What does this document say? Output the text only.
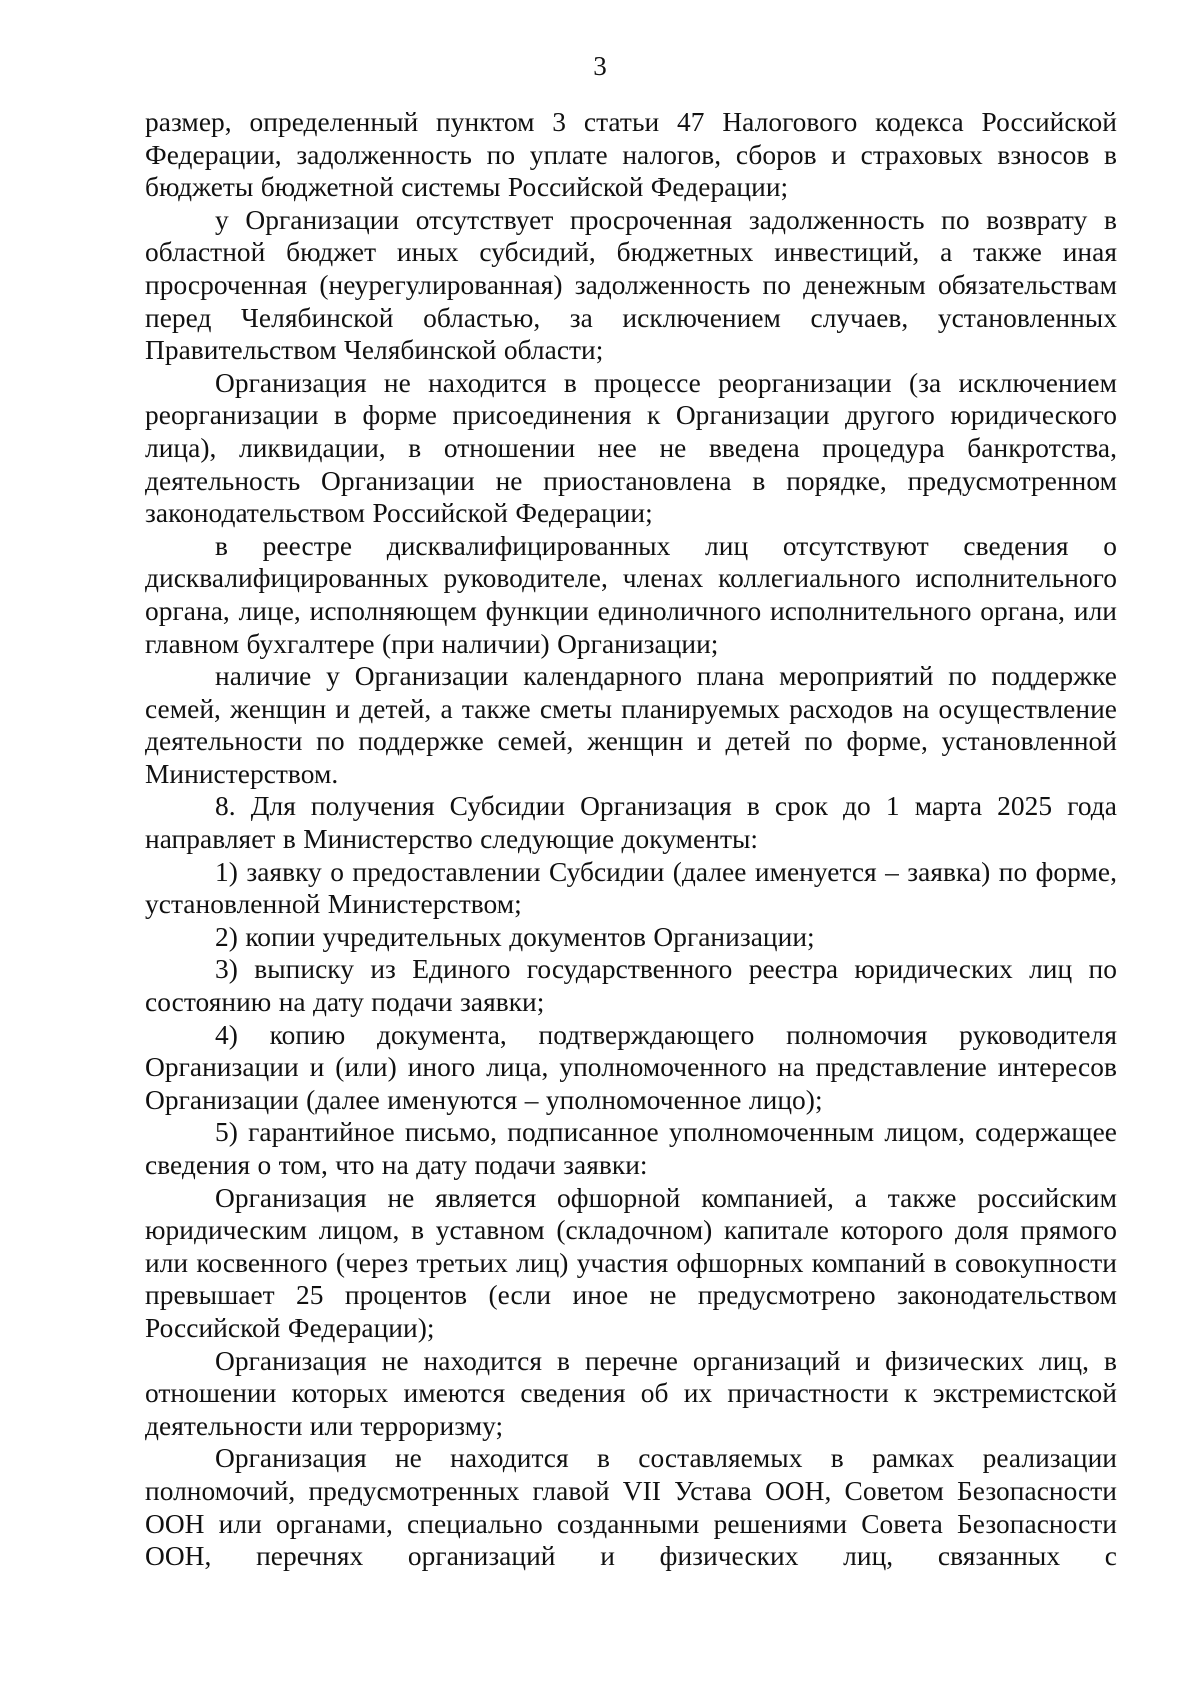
3

размер, определенный пунктом 3 статьи 47 Налогового кодекса Российской Федерации, задолженность по уплате налогов, сборов и страховых взносов в бюджеты бюджетной системы Российской Федерации;

у Организации отсутствует просроченная задолженность по возврату в областной бюджет иных субсидий, бюджетных инвестиций, а также иная просроченная (неурегулированная) задолженность по денежным обязательствам перед Челябинской областью, за исключением случаев, установленных Правительством Челябинской области;

Организация не находится в процессе реорганизации (за исключением реорганизации в форме присоединения к Организации другого юридического лица), ликвидации, в отношении нее не введена процедура банкротства, деятельность Организации не приостановлена в порядке, предусмотренном законодательством Российской Федерации;

в реестре дисквалифицированных лиц отсутствуют сведения о дисквалифицированных руководителе, членах коллегиального исполнительного органа, лице, исполняющем функции единоличного исполнительного органа, или главном бухгалтере (при наличии) Организации;

наличие у Организации календарного плана мероприятий по поддержке семей, женщин и детей, а также сметы планируемых расходов на осуществление деятельности по поддержке семей, женщин и детей по форме, установленной Министерством.

8. Для получения Субсидии Организация в срок до 1 марта 2025 года направляет в Министерство следующие документы:

1) заявку о предоставлении Субсидии (далее именуется – заявка) по форме, установленной Министерством;

2) копии учредительных документов Организации;

3) выписку из Единого государственного реестра юридических лиц по состоянию на дату подачи заявки;

4) копию документа, подтверждающего полномочия руководителя Организации и (или) иного лица, уполномоченного на представление интересов Организации (далее именуются – уполномоченное лицо);

5) гарантийное письмо, подписанное уполномоченным лицом, содержащее сведения о том, что на дату подачи заявки:

Организация не является офшорной компанией, а также российским юридическим лицом, в уставном (складочном) капитале которого доля прямого или косвенного (через третьих лиц) участия офшорных компаний в совокупности превышает 25 процентов (если иное не предусмотрено законодательством Российской Федерации);

Организация не находится в перечне организаций и физических лиц, в отношении которых имеются сведения об их причастности к экстремистской деятельности или терроризму;

Организация не находится в составляемых в рамках реализации полномочий, предусмотренных главой VII Устава ООН, Советом Безопасности ООН или органами, специально созданными решениями Совета Безопасности ООН, перечнях организаций и физических лиц, связанных с
